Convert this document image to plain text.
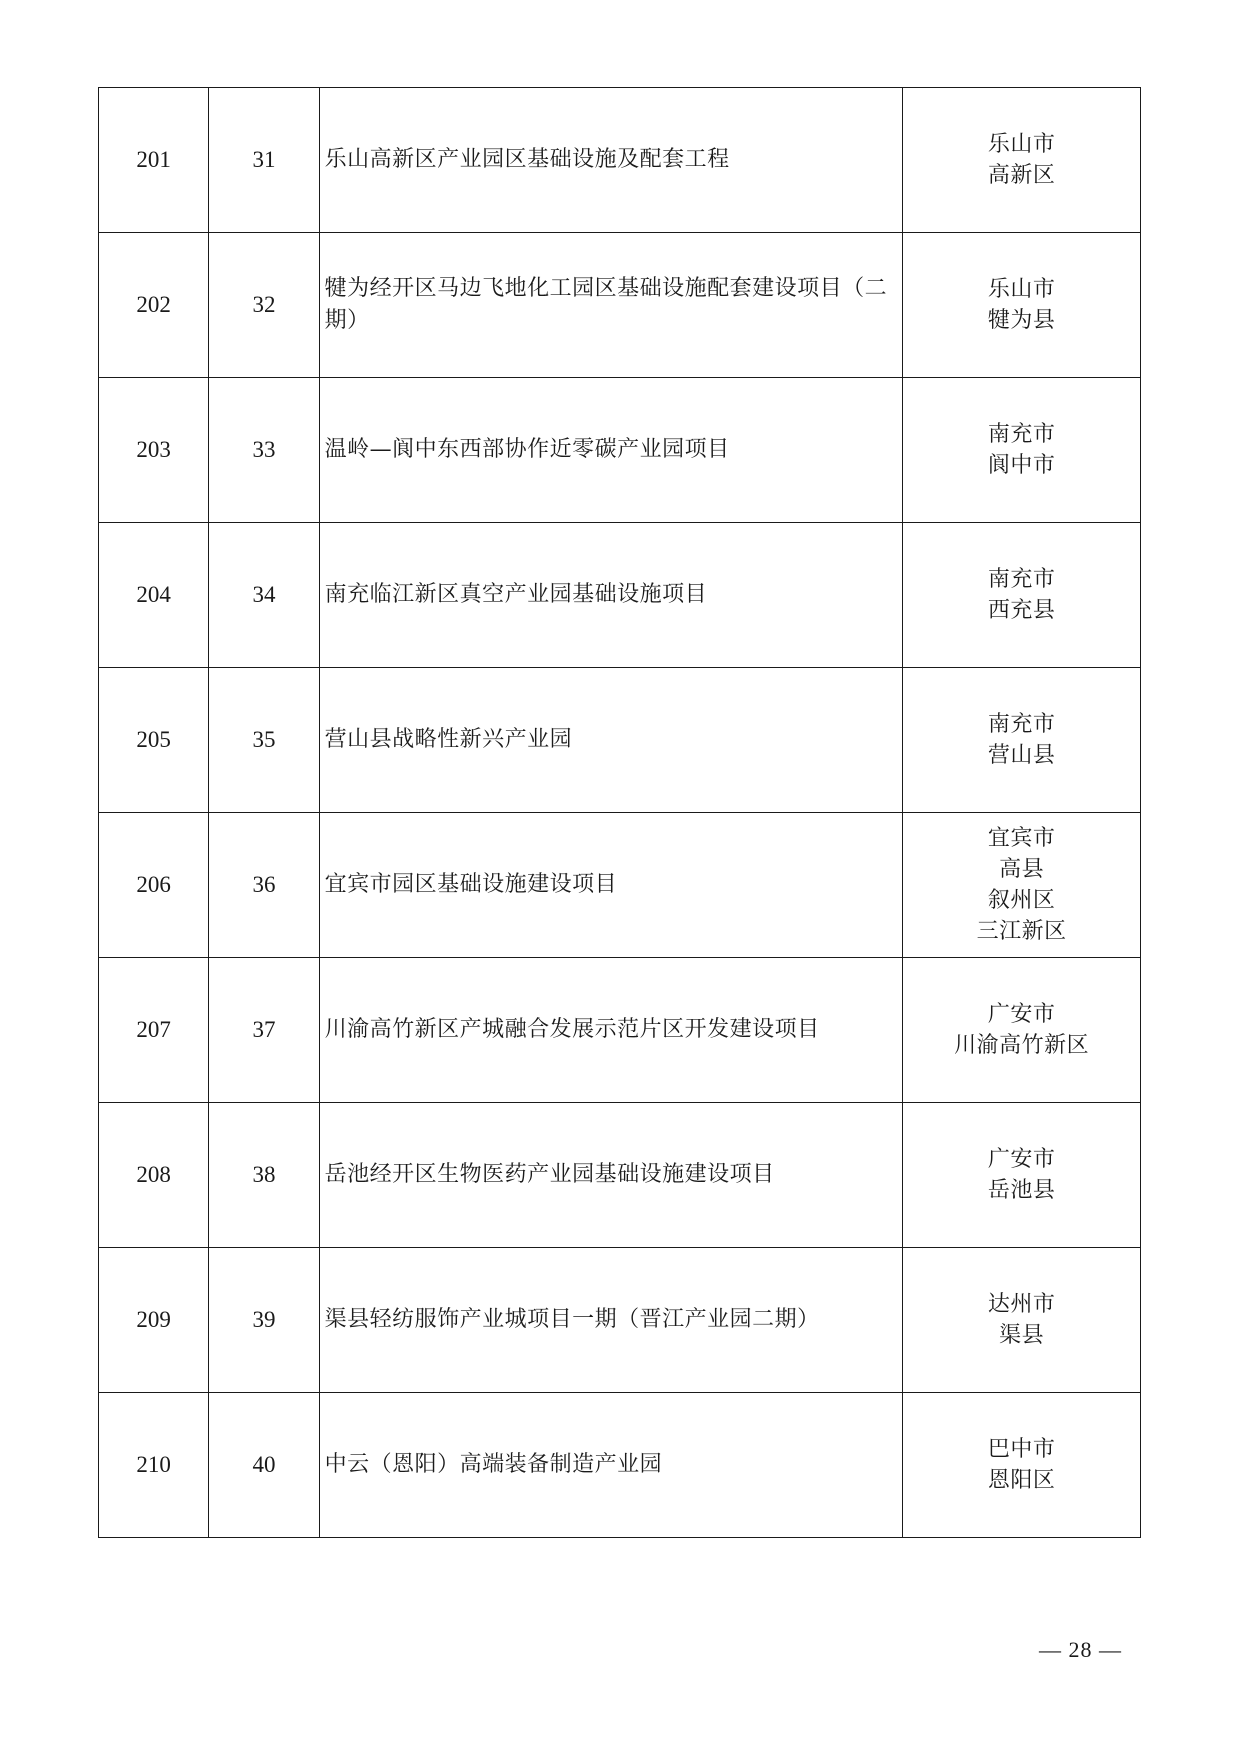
201	31	乐山高新区产业园区基础设施及配套工程	乐山市
高新区

202	32	犍为经开区马边飞地化工园区基础设施配套建设项目（二期）	乐山市
犍为县

203	33	温岭—阆中东西部协作近零碳产业园项目	南充市
阆中市

204	34	南充临江新区真空产业园基础设施项目	南充市
西充县

205	35	营山县战略性新兴产业园	南充市
营山县

206	36	宜宾市园区基础设施建设项目	宜宾市
高县
叙州区
三江新区

207	37	川渝高竹新区产城融合发展示范片区开发建设项目	广安市
川渝高竹新区

208	38	岳池经开区生物医药产业园基础设施建设项目	广安市
岳池县

209	39	渠县轻纺服饰产业城项目一期（晋江产业园二期）	达州市
渠县

210	40	中云（恩阳）高端装备制造产业园	巴中市
恩阳区
— 28 —
